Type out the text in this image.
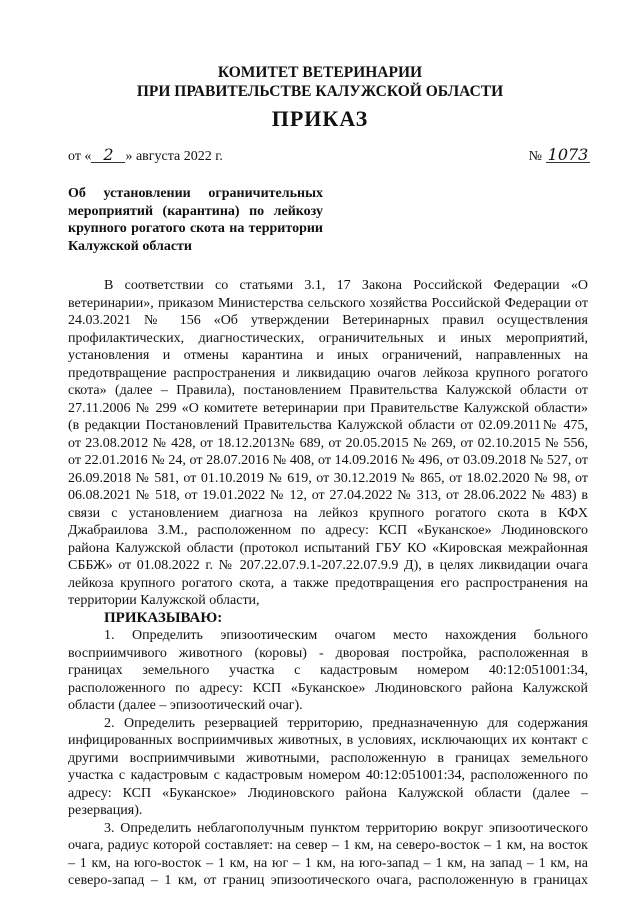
КОМИТЕТ ВЕТЕРИНАРИИ
ПРИ ПРАВИТЕЛЬСТВЕ КАЛУЖСКОЙ ОБЛАСТИ
ПРИКАЗ
от « 2 » августа 2022 г.	№ 1073
Об установлении ограничительных
мероприятий (карантина) по лейкозу
крупного рогатого скота на территории
Калужской области
В соответствии со статьями 3.1, 17 Закона Российской Федерации «О
ветеринарии», приказом Министерства сельского хозяйства Российской Федерации от
24.03.2021 № 156 «Об утверждении Ветеринарных правил осуществления
профилактических, диагностических, ограничительных и иных мероприятий,
установления и отмены карантина и иных ограничений, направленных на
предотвращение распространения и ликвидацию очагов лейкоза крупного рогатого
скота» (далее – Правила), постановлением Правительства Калужской области от
27.11.2006 № 299 «О комитете ветеринарии при Правительстве Калужской области»
(в редакции Постановлений Правительства Калужской области от 02.09.2011№ 475,
от 23.08.2012 № 428, от 18.12.2013№ 689, от 20.05.2015 № 269, от 02.10.2015 № 556,
от 22.01.2016 № 24, от 28.07.2016 № 408, от 14.09.2016 № 496, от 03.09.2018 № 527, от
26.09.2018 № 581, от 01.10.2019 № 619, от 30.12.2019 № 865, от 18.02.2020 № 98, от
06.08.2021 № 518, от 19.01.2022 № 12, от 27.04.2022 № 313, от 28.06.2022 № 483) в
связи с установлением диагноза на лейкоз крупного рогатого скота в КФХ
Джабраилова З.М., расположенном по адресу: КСП «Буканское» Людиновского
района Калужской области (протокол испытаний ГБУ КО «Кировская межрайонная
СББЖ» от 01.08.2022 г. № 207.22.07.9.1-207.22.07.9.9 Д), в целях ликвидации очага
лейкоза крупного рогатого скота, а также предотвращения его распространения на
территории Калужской области,
ПРИКАЗЫВАЮ:
1. Определить эпизоотическим очагом место нахождения больного
восприимчивого животного (коровы) - дворовая постройка, расположенная в
границах земельного участка с кадастровым номером 40:12:051001:34,
расположенного по адресу: КСП «Буканское» Людиновского района Калужской
области (далее – эпизоотический очаг).
2. Определить резервацией территорию, предназначенную для содержания
инфицированных восприимчивых животных, в условиях, исключающих их контакт с
другими восприимчивыми животными, расположенную в границах земельного
участка с кадастровым с кадастровым номером 40:12:051001:34, расположенного по
адресу: КСП «Буканское» Людиновского района Калужской области (далее –
резервация).
3. Определить неблагополучным пунктом территорию вокруг эпизоотического
очага, радиус которой составляет: на север – 1 км, на северо-восток – 1 км, на восток
– 1 км, на юго-восток – 1 км, на юг – 1 км, на юго-запад – 1 км, на запад – 1 км, на
северо-запад – 1 км, от границ эпизоотического очага, расположенную в границах
